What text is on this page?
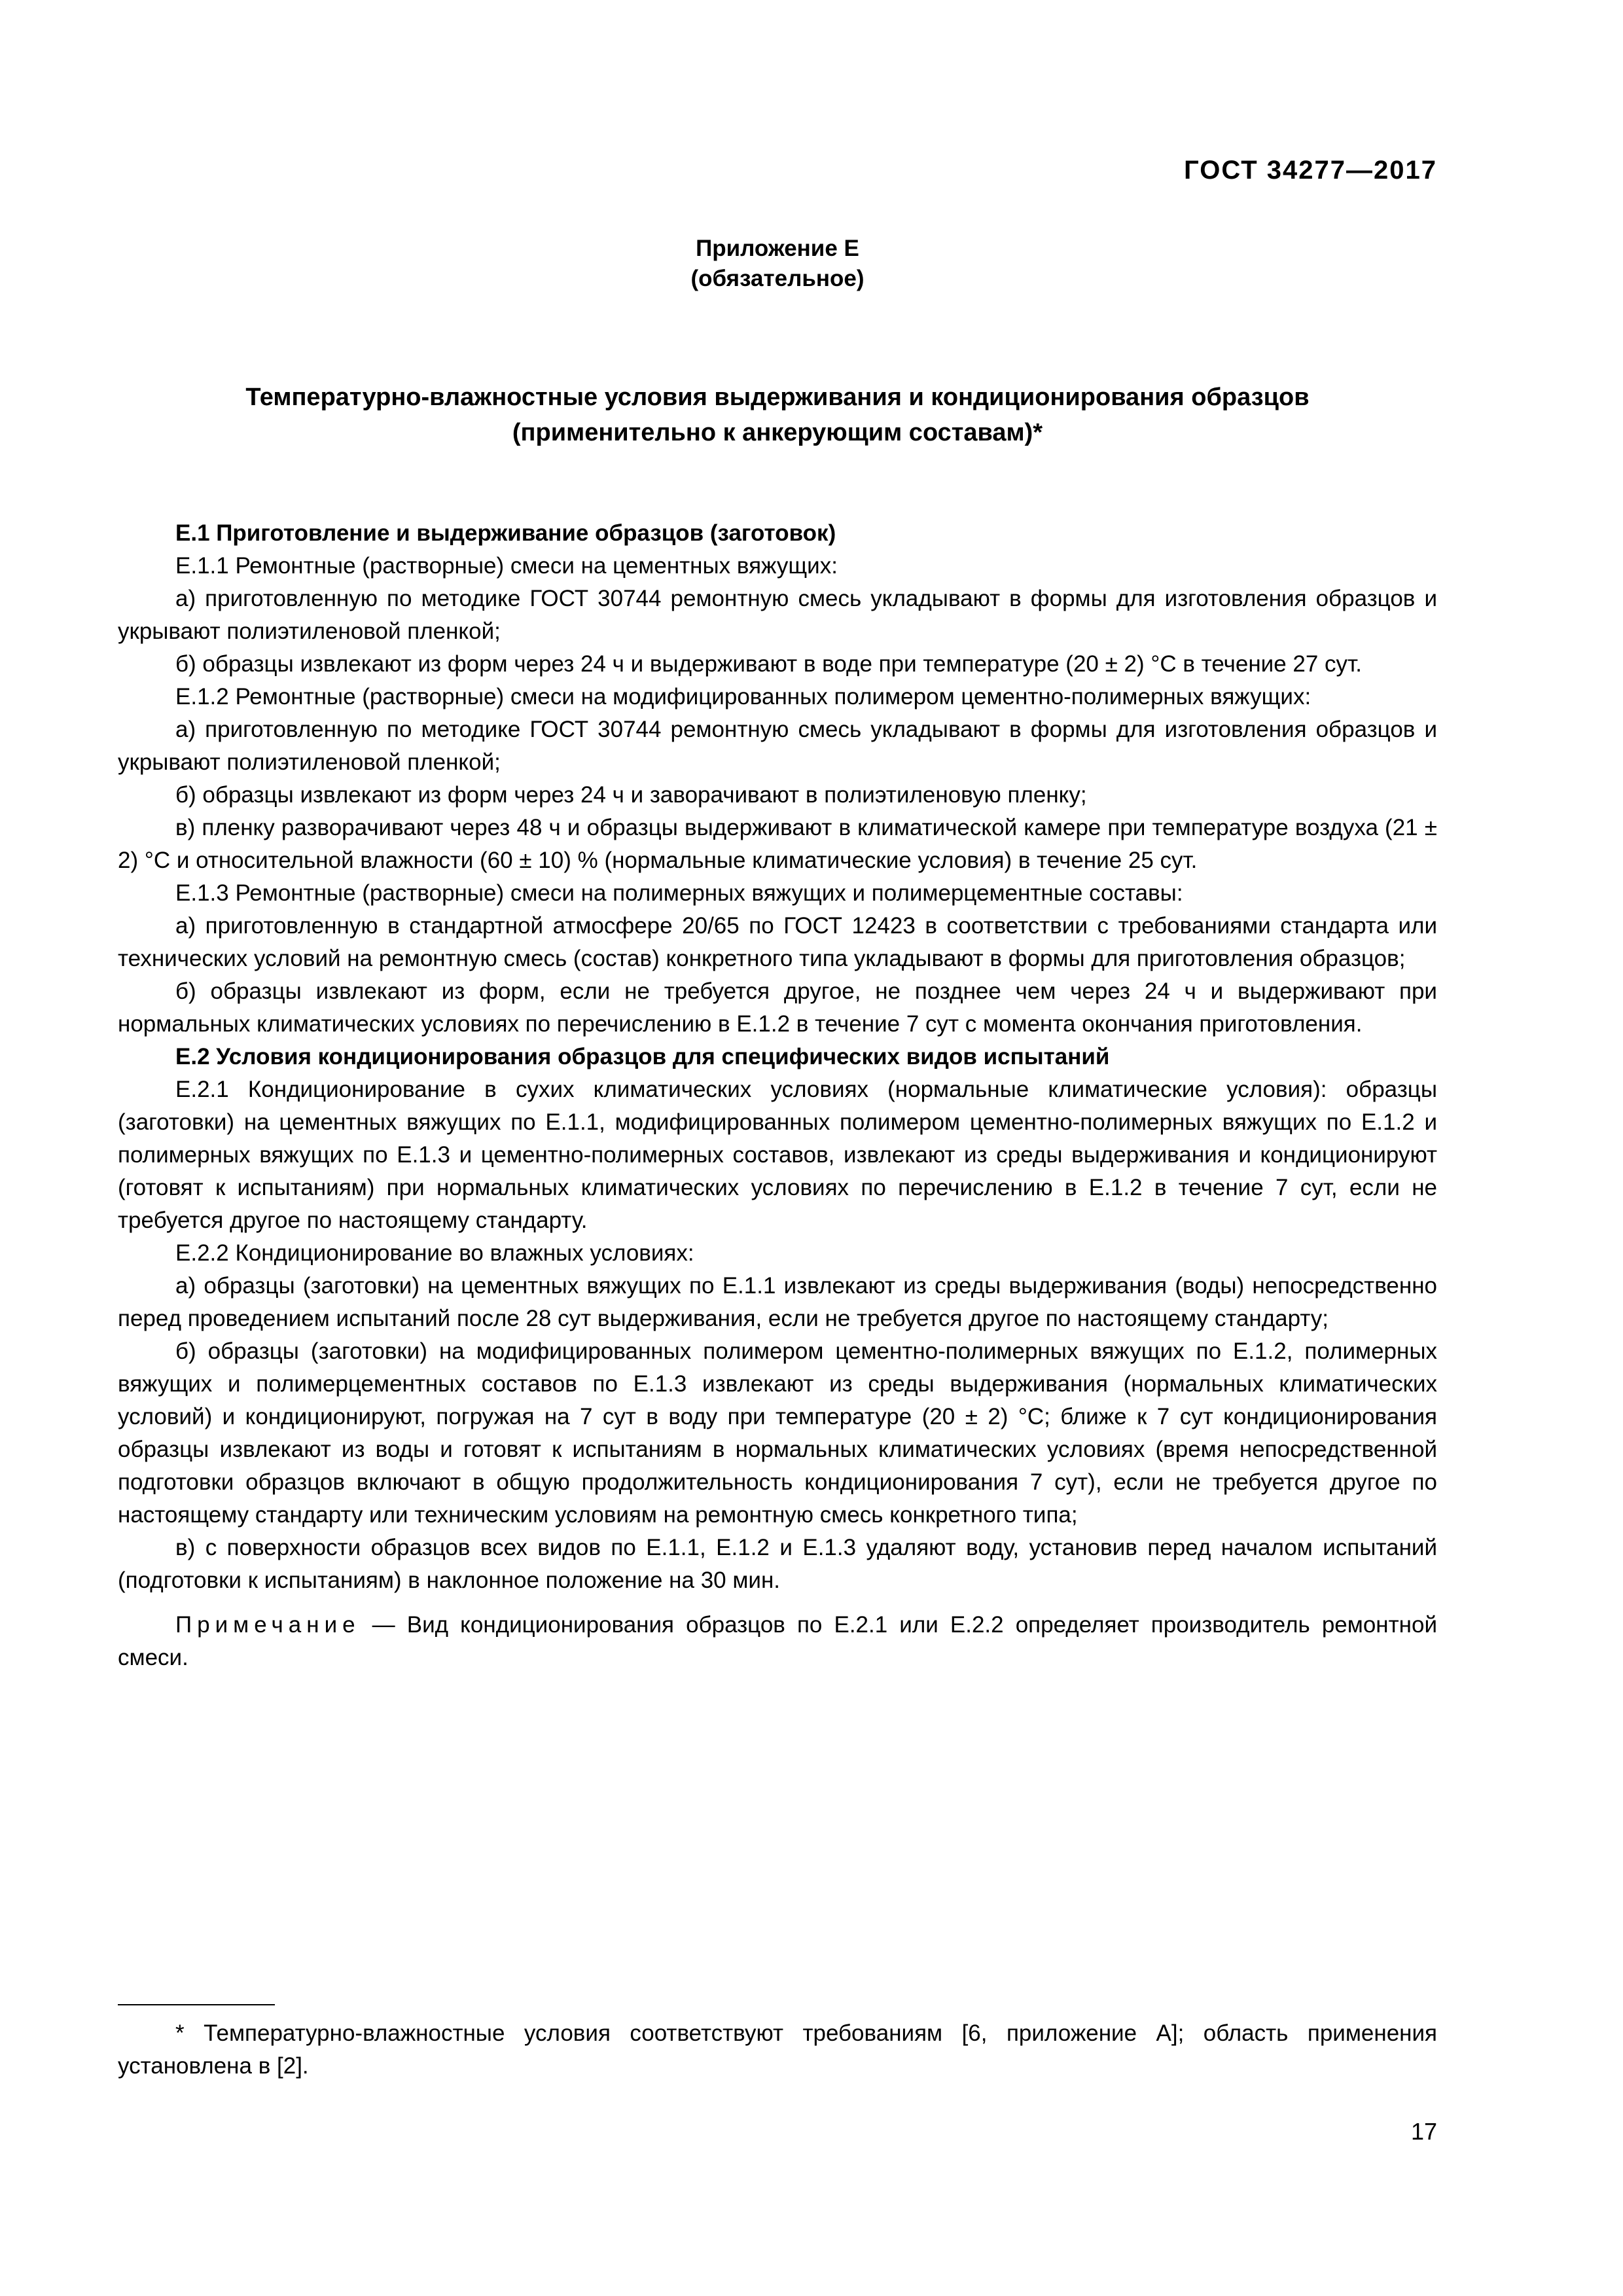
ГОСТ 34277—2017
Приложение Е
(обязательное)
Температурно-влажностные условия выдерживания и кондиционирования образцов
(применительно к анкерующим составам)*

Е.1 Приготовление и выдерживание образцов (заготовок)

Е.1.1 Ремонтные (растворные) смеси на цементных вяжущих:

а) приготовленную по методике ГОСТ 30744 ремонтную смесь укладывают в формы для изготовления образцов и укрывают полиэтиленовой пленкой;

б) образцы извлекают из форм через 24 ч и выдерживают в воде при температуре (20 ± 2) °С в течение 27 сут.

Е.1.2 Ремонтные (растворные) смеси на модифицированных полимером цементно-полимерных вяжущих:

а) приготовленную по методике ГОСТ 30744 ремонтную смесь укладывают в формы для изготовления образцов и укрывают полиэтиленовой пленкой;

б) образцы извлекают из форм через 24 ч и заворачивают в полиэтиленовую пленку;

в) пленку разворачивают через 48 ч и образцы выдерживают в климатической камере при температуре воздуха (21 ± 2) °С и относительной влажности (60 ± 10) % (нормальные климатические условия) в течение 25 сут.

Е.1.3 Ремонтные (растворные) смеси на полимерных вяжущих и полимерцементные составы:

а) приготовленную в стандартной атмосфере 20/65 по ГОСТ 12423 в соответствии с требованиями стандарта или технических условий на ремонтную смесь (состав) конкретного типа укладывают в формы для приготовления образцов;

б) образцы извлекают из форм, если не требуется другое, не позднее чем через 24 ч и выдерживают при нормальных климатических условиях по перечислению в Е.1.2 в течение 7 сут с момента окончания приготовления.

Е.2 Условия кондиционирования образцов для специфических видов испытаний

Е.2.1 Кондиционирование в сухих климатических условиях (нормальные климатические условия): образцы (заготовки) на цементных вяжущих по Е.1.1, модифицированных полимером цементно-полимерных вяжущих по Е.1.2 и полимерных вяжущих по Е.1.3 и цементно-полимерных составов, извлекают из среды выдерживания и кондиционируют (готовят к испытаниям) при нормальных климатических условиях по перечислению в Е.1.2 в течение 7 сут, если не требуется другое по настоящему стандарту.

Е.2.2 Кондиционирование во влажных условиях:

а) образцы (заготовки) на цементных вяжущих по Е.1.1 извлекают из среды выдерживания (воды) непосредственно перед проведением испытаний после 28 сут выдерживания, если не требуется другое по настоящему стандарту;

б) образцы (заготовки) на модифицированных полимером цементно-полимерных вяжущих по Е.1.2, полимерных вяжущих и полимерцементных составов по Е.1.3 извлекают из среды выдерживания (нормальных климатических условий) и кондиционируют, погружая на 7 сут в воду при температуре (20 ± 2) °С; ближе к 7 сут кондиционирования образцы извлекают из воды и готовят к испытаниям в нормальных климатических условиях (время непосредственной подготовки образцов включают в общую продолжительность кондиционирования 7 сут), если не требуется другое по настоящему стандарту или техническим условиям на ремонтную смесь конкретного типа;

в) с поверхности образцов всех видов по Е.1.1, Е.1.2 и Е.1.3 удаляют воду, установив перед началом испытаний (подготовки к испытаниям) в наклонное положение на 30 мин.

Примечание — Вид кондиционирования образцов по Е.2.1 или Е.2.2 определяет производитель ремонтной смеси.

* Температурно-влажностные условия соответствуют требованиям [6, приложение А]; область применения установлена в [2].
17
